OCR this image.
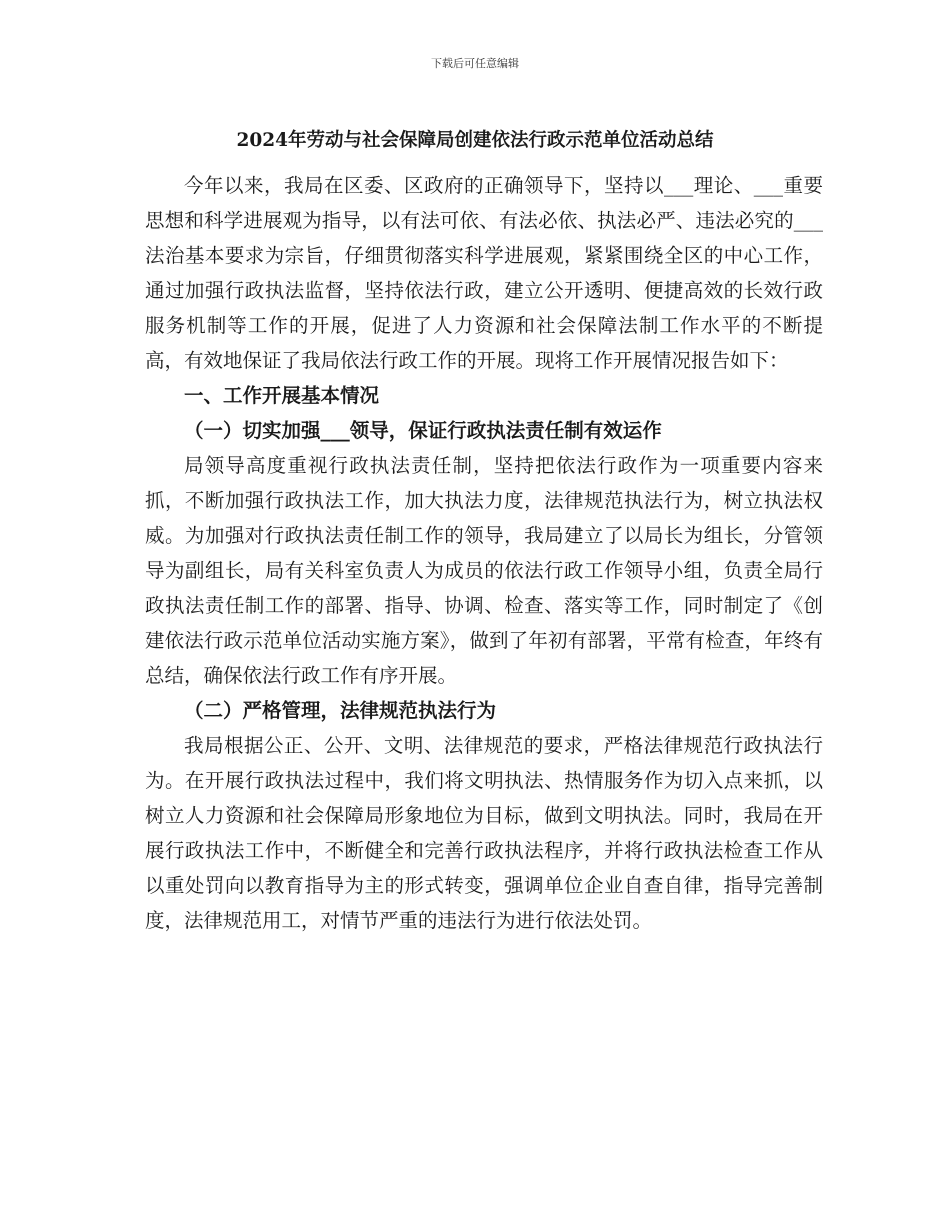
下载后可任意编辑
2024年劳动与社会保障局创建依法行政示范单位活动总结

今年以来，我局在区委、区政府的正确领导下，坚持以___理论、___重要思想和科学进展观为指导，以有法可依、有法必依、执法必严、违法必究的___法治基本要求为宗旨，仔细贯彻落实科学进展观，紧紧围绕全区的中心工作，通过加强行政执法监督，坚持依法行政，建立公开透明、便捷高效的长效行政服务机制等工作的开展，促进了人力资源和社会保障法制工作水平的不断提高，有效地保证了我局依法行政工作的开展。现将工作开展情况报告如下：

一、工作开展基本情况

（一）切实加强___领导，保证行政执法责任制有效运作

局领导高度重视行政执法责任制，坚持把依法行政作为一项重要内容来抓，不断加强行政执法工作，加大执法力度，法律规范执法行为，树立执法权威。为加强对行政执法责任制工作的领导，我局建立了以局长为组长，分管领导为副组长，局有关科室负责人为成员的依法行政工作领导小组，负责全局行政执法责任制工作的部署、指导、协调、检查、落实等工作，同时制定了《创建依法行政示范单位活动实施方案》，做到了年初有部署，平常有检查，年终有总结，确保依法行政工作有序开展。

（二）严格管理，法律规范执法行为

我局根据公正、公开、文明、法律规范的要求，严格法律规范行政执法行为。在开展行政执法过程中，我们将文明执法、热情服务作为切入点来抓，以树立人力资源和社会保障局形象地位为目标，做到文明执法。同时，我局在开展行政执法工作中，不断健全和完善行政执法程序，并将行政执法检查工作从以重处罚向以教育指导为主的形式转变，强调单位企业自查自律，指导完善制度，法律规范用工，对情节严重的违法行为进行依法处罚。
